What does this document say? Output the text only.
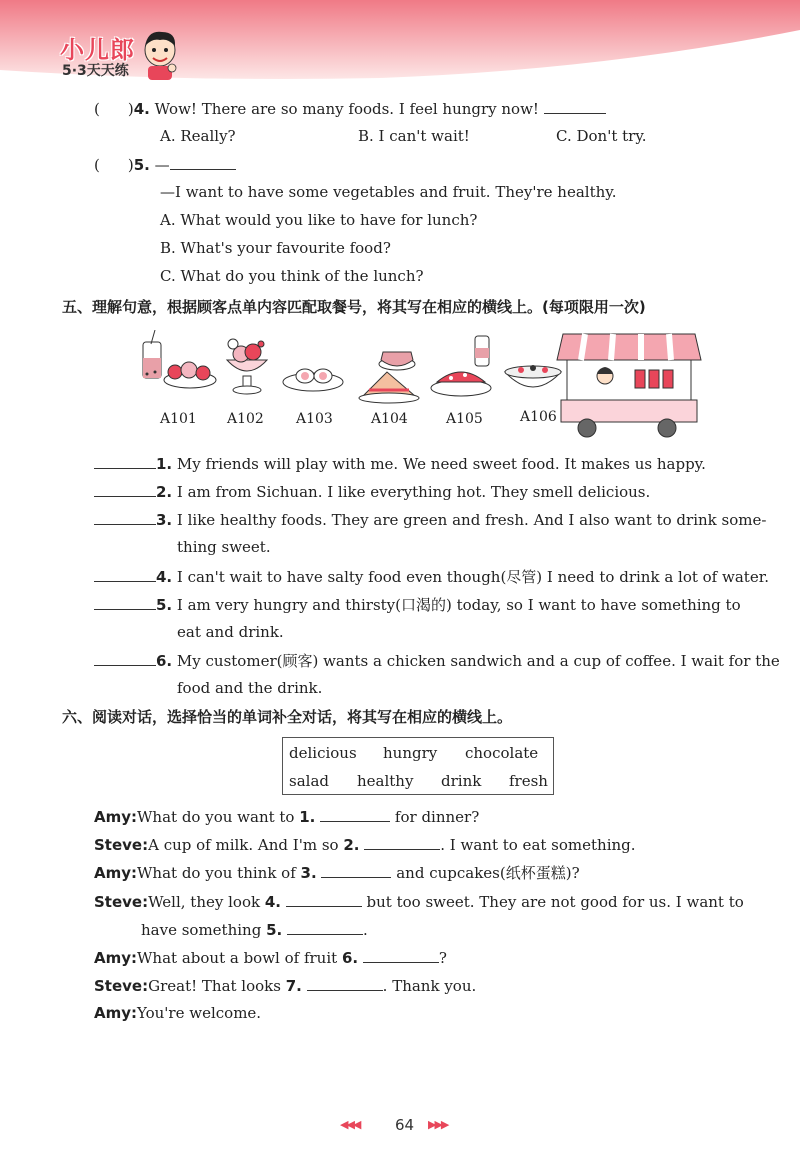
小儿郎
5·3天天练
( )4. Wow! There are so many foods. I feel hungry now!
A. Really?	B. I can't wait!	C. Don't try.
( )5. —
—I want to have some vegetables and fruit. They're healthy.
A. What would you like to have for lunch?
B. What's your favourite food?
C. What do you think of the lunch?
五、理解句意，根据顾客点单内容匹配取餐号，将其写在相应的横线上。(每项限用一次)
A101 A102 A103	A104	A105	A106
1. My friends will play with me. We need sweet food. It makes us happy.
2. I am from Sichuan. I like everything hot. They smell delicious.
3. I like healthy foods. They are green and fresh. And I also want to drink some-
thing sweet.
4. I can't wait to have salty food even though(尽管) I need to drink a lot of water.
5. I am very hungry and thirsty(口渴的) today, so I want to have something to
eat and drink.
6. My customer(顾客) wants a chicken sandwich and a cup of coffee. I wait for the
food and the drink.
六、阅读对话，选择恰当的单词补全对话，将其写在相应的横线上。
delicious hungry chocolate
salad healthy drink fresh
Amy:What do you want to 1.	for dinner?
Steve:A cup of milk. And I'm so 2.	. I want to eat something.
Amy:What do you think of 3.	and cupcakes(纸杯蛋糕)?
Steve:Well, they look 4.	but too sweet. They are not good for us. I want to
have something 5.	.
Amy:What about a bowl of fruit 6.	?
Steve:Great! That looks 7.	. Thank you.
Amy:You're welcome.
◀◀◀ 64 ▶▶▶
